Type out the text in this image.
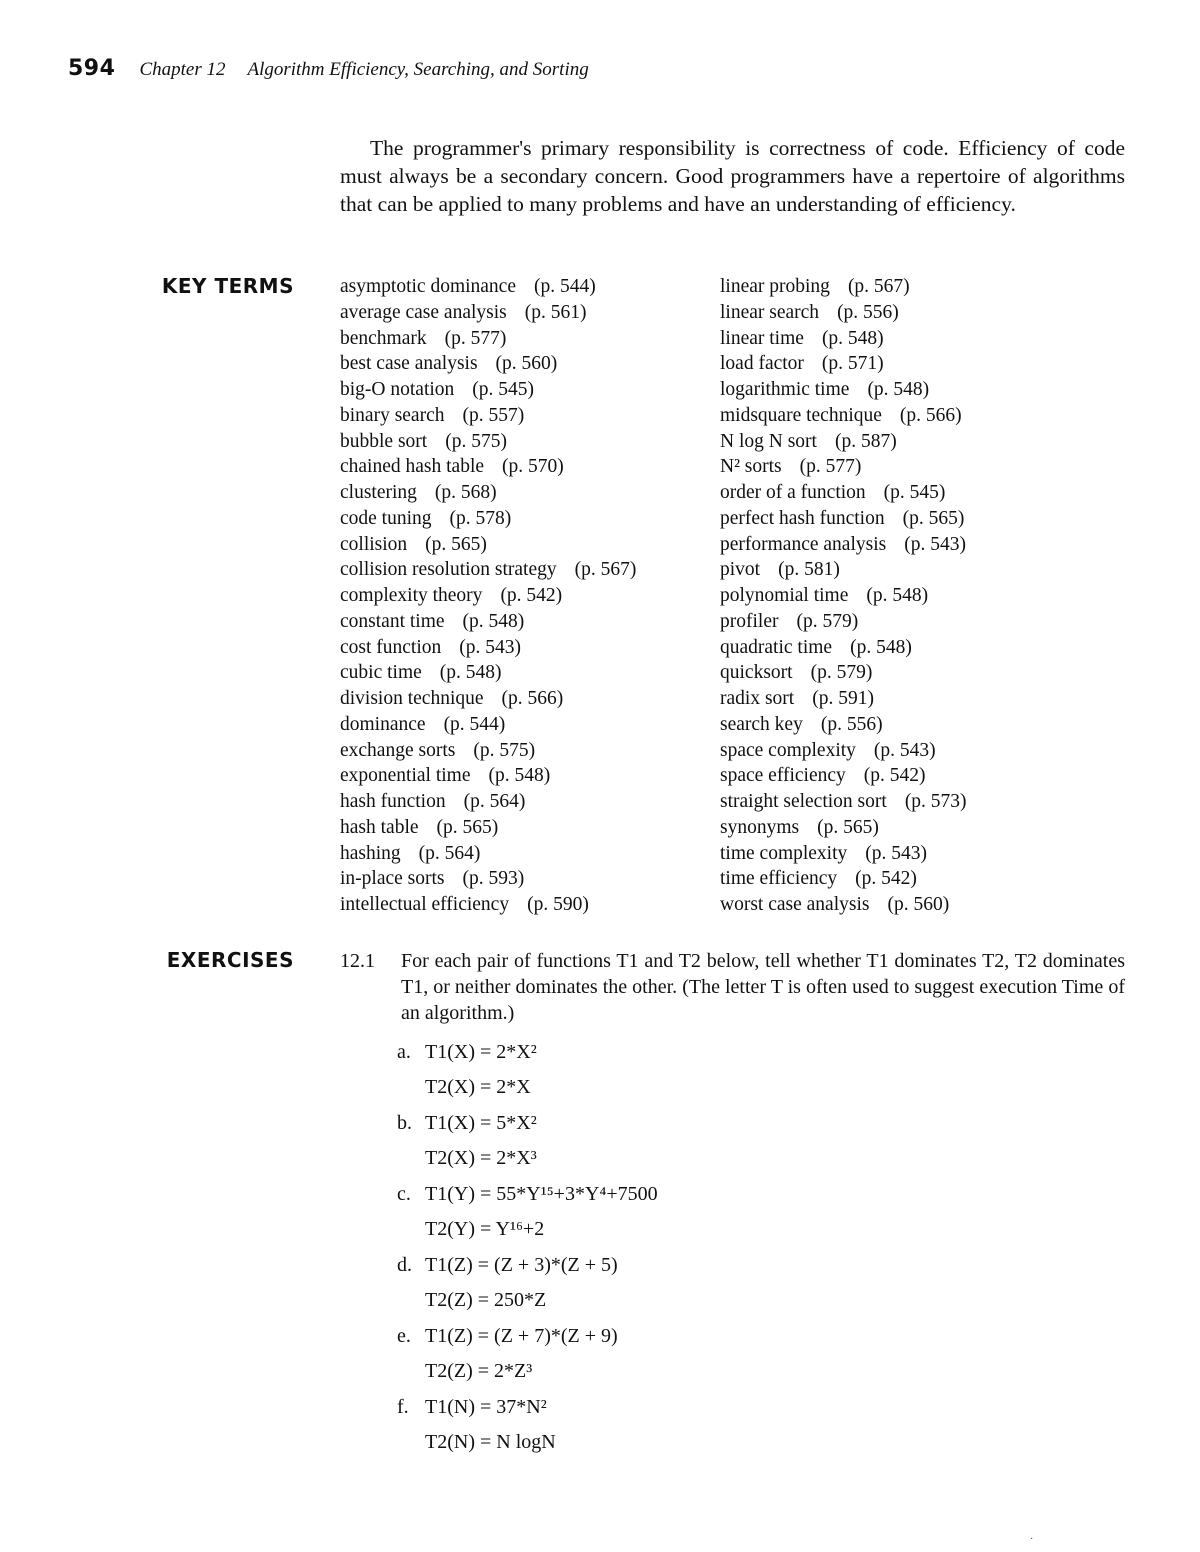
594 Chapter 12 Algorithm Efficiency, Searching, and Sorting

The programmer's primary responsibility is correctness of code. Efficiency of code must always be a secondary concern. Good programmers have a repertoire of algorithms that can be applied to many problems and have an understanding of efficiency.

KEY TERMS asymptotic dominance (p. 544)
average case analysis (p. 561)
benchmark (p. 577)
best case analysis (p. 560)
big-O notation (p. 545)
binary search (p. 557)
bubble sort (p. 575)
chained hash table (p. 570)
clustering (p. 568)
code tuning (p. 578)
collision (p. 565)
collision resolution strategy (p. 567)
complexity theory (p. 542)
constant time (p. 548)
cost function (p. 543)
cubic time (p. 548)
division technique (p. 566)
dominance (p. 544)
exchange sorts (p. 575)
exponential time (p. 548)
hash function (p. 564)
hash table (p. 565)
hashing (p. 564)
in-place sorts (p. 593)
intellectual efficiency (p. 590)
linear probing (p. 567)
linear search (p. 556)
linear time (p. 548)
load factor (p. 571)
logarithmic time (p. 548)
midsquare technique (p. 566)
N log N sort (p. 587)
N² sorts (p. 577)
order of a function (p. 545)
perfect hash function (p. 565)
performance analysis (p. 543)
pivot (p. 581)
polynomial time (p. 548)
profiler (p. 579)
quadratic time (p. 548)
quicksort (p. 579)
radix sort (p. 591)
search key (p. 556)
space complexity (p. 543)
space efficiency (p. 542)
straight selection sort (p. 573)
synonyms (p. 565)
time complexity (p. 543)
time efficiency (p. 542)
worst case analysis (p. 560)
EXERCISES 12.1 For each pair of functions T1 and T2 below, tell whether T1 dominates T2, T2 dominates T1, or neither dominates the other. (The letter T is often used to suggest execution Time of an algorithm.)
a. T1(X) = 2*X²
T2(X) = 2*X
b. T1(X) = 5*X²
T2(X) = 2*X³
c. T1(Y) = 55*Y¹⁵+3*Y⁴+7500
T2(Y) = Y¹⁶+2
d. T1(Z) = (Z + 3)*(Z + 5)
T2(Z) = 250*Z
e. T1(Z) = (Z + 7)*(Z + 9)
T2(Z) = 2*Z³
f. T1(N) = 37*N²
T2(N) = N logN
·
